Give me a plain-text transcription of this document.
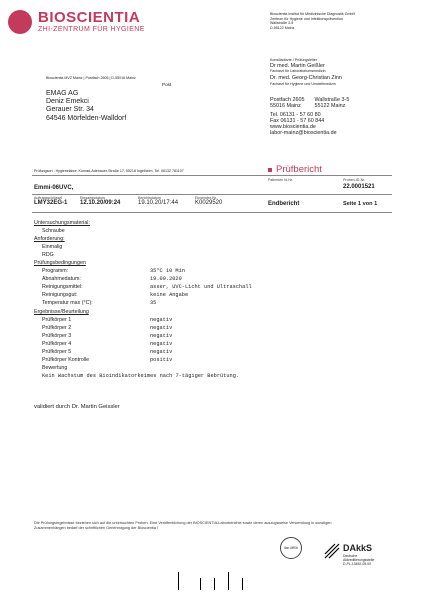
BIOSCIENTIA
ZHI-ZENTRUM FÜR HYGIENE
Bioscientia Institut für Medizinische Diagnostik GmbH
Zentrum für Hygiene und Infektionsprävention
Wallstraße 3-5
D-55122 Mainz
Bioscientia MVZ Mainz | Postfach 2605 | D-55016 Mainz
Post
EMAG AG
Deniz Emekci
Gerauer Str. 34
64546 Mörfelden-Walldorf
Konsiliarärzte / Prüfungsleiter
Dr med. Martin Geißler
Facharzt für Laboratoriumsmedizin
Dr. med. Georg-Christian Zinn
Facharzt für Hygiene und Umweltmedizin
Postfach 2605
55016 Mainz
Wallstraße 3-5
55122 Mainz
Tel. 06131 - 57 60 80
Fax 06131 - 57 60 844
www.bioscientia.de
labor-mainz@bioscientia.de
Prüfungsort : Hygienelabor, Konrad-Adenauer-Straße 17, 55218 Ingelheim, Tel. 06132 781107	Prüfbericht
Patienten Id-Nr.	Proben-ID-Nr.
22.0001521
Emmi-06UVC,
Auftragsschlüssel
LMY32EG-1
Eingangsdatum
12.10.20/09:24
Berichtsdatum
19.10.20/17:44
Einsender-Nr.
K0029520	Endbericht	Seite 1 von 1
Untersuchungsmaterial:
Schraube
Anforderung:
Einmalig
RDG
Prüfungsbedingungen
Programm:	35°C 10 Min
Abnahmedatum:	19.09.2020
Reinigungsmittel:	asser, UVC-Licht und Ultraschall
Reinigungsgut:	keine Angabe
Temperatur max (°C):	35
Ergebnisse/Beurteilung
Prüfkörper 1	negativ
Prüfkörper 2	negativ
Prüfkörper 3	negativ
Prüfkörper 4	negativ
Prüfkörper 5	negativ
Prüfkörper Kontrolle	positiv
Bewertung
Kein Wachstum des Bioindikatorkeimes nach 7-tägiger Bebrütung.
validiert durch Dr. Martin Geissler
Die Prüfungsergebnisse beziehen sich auf die untersuchten Proben. Eine Veröffentlichung der BIOSCIENTIA-Laborberichte sowie deren auszugsweise Verwendung in sonstigen Zusammenhängen bedarf der schriftlichen Genehmigung der Bioscientia !
ilac-MRA	DAkkS
Deutsche
Akkreditierungsstelle
D-PL-13452-05-00
